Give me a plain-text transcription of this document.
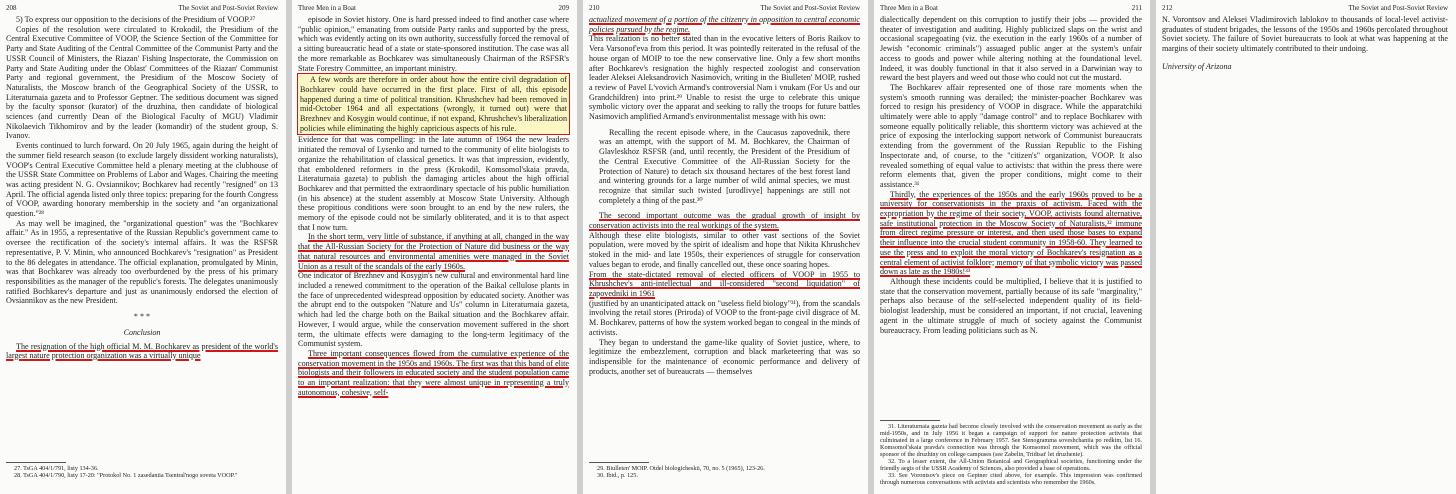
208	The Soviet and Post-Soviet Review

5) To express our opposition to the decisions of the Presidium of VOOP.²⁷

Copies of the resolution were circulated to Krokodil, the Presidium of the Central Executive Committee of VOOP, the Science Section of the Committee for Party and State Auditing of the Central Committee of the Communist Party and the USSR Council of Ministers, the Riazan' Fishing Inspectorate, the Commission on Party and State Auditing under the Oblast' Committees of the Riazan' Communist Party and regional government, the Presidium of the Moscow Society of Naturalists, the Moscow branch of the Geographical Society of the USSR, to Literaturnaia gazeta and to Professor Geptner. The seditious document was signed by the faculty sponsor (kurator) of the druzhina, then candidate of biological sciences (and currently Dean of the Biological Faculty of MGU) Vladimir Nikolaevich Tikhomirov and by the leader (komandir) of the student group, S. Ivanov.

Events continued to lurch forward. On 20 July 1965, again during the height of the summer field research season (to exclude largely dissident working naturalists), VOOP's Central Executive Committee held a plenary meeting at the clubhouse of the USSR State Committee on Problems of Labor and Wages. Chairing the meeting was acting president N. G. Ovsiannikov; Bochkarev had recently "resigned" on 13 April. The official agenda listed only three topics: preparing for the fourth Congress of VOOP, awarding honorary membership in the society and "an organizational question."²⁸

As may well be imagined, the "organizational question" was the "Bochkarev affair." As in 1955, a representative of the Russian Republic's government came to oversee the rectification of the society's internal affairs. It was the RSFSR representative, P. V. Minin, who announced Bochkarev's "resignation" as President to the 86 delegates in attendance. The official explanation, promulgated by Minin, was that Bochkarev was already too overburdened by the press of his primary responsibilities as the manager of the republic's forests. The delegates unanimously ratified Bochkarev's departure and just as unanimously endorsed the election of Ovsiannikov as the new President.

* * *

Conclusion

The resignation of the high official M. M. Bochkarev as president of the world's largest nature protection organization was a virtually unique

27. TsGA 404/1/791, listy 134-36.

28. TsGA 404/1/790, listy 17-20: "Protokol No. 1 zasedaniia Tsentral'nogo soveta VOOP."

Three Men in a Boat	209

episode in Soviet history. One is hard pressed indeed to find another case where "public opinion," emanating from outside Party ranks and supported by the press, which was evidently acting on its own authority, successfully forced the removal of a sitting bureaucratic head of a state or state-sponsored institution. The case was all the more remarkable as Bochkarev was simultaneously Chairman of the RSFSR's State Forestry Committee, an important ministry.

A few words are therefore in order about how the entire civil degradation of Bochkarev could have occurred in the first place. First of all, this episode happened during a time of political transition. Khrushchev had been removed in mid-October 1964 and all expectations (wrongly, it turned out) were that Brezhnev and Kosygin would continue, if not expand, Khrushchev's liberalization policies while eliminating the highly capricious aspects of his rule.

Evidence for that was compelling: in the late autumn of 1964 the new leaders initiated the removal of Lysenko and turned to the community of elite biologists to organize the rehabilitation of classical genetics. It was that impression, evidently, that emboldened reformers in the press (Krokodil, Komsomol'skaia pravda, Literaturnaia gazeta) to publish the damaging articles about the high official Bochkarev and that permitted the extraordinary spectacle of his public humiliation (in his absence) at the student assembly at Moscow State University. Although these propitious conditions were soon brought to an end by the new rulers, the memory of the episode could not be similarly obliterated, and it is to that aspect that I now turn.

In the short term, very little of substance, if anything at all, changed in the way that the All-Russian Society for the Protection of Nature did business or the way that natural resources and environmental amenities were managed in the Soviet Union as a result of the scandals of the early 1960s.

One indicator of Brezhnev and Kosygin's new cultural and environmental hard line included a renewed commitment to the operation of the Baikal cellulose plants in the face of unprecedented widespread opposition by educated society. Another was the abrupt end to the outspoken "Nature and Us" column in Literaturnaia gazeta, which had led the charge both on the Baikal situation and the Bochkarev affair. However, I would argue, while the conservation movement suffered in the short term, the ultimate effects were damaging to the long-term legitimacy of the Communist system.

Three important consequences flowed from the cumulative experience of the conservation movement in the 1950s and 1960s. The first was that this band of elite biologists and their followers in educated society and the student population came to an important realization: that they were almost unique in representing a truly autonomous, cohesive, self-

210	The Soviet and Post-Soviet Review

actualized movement of a portion of the citizenry in opposition to central economic policies pursued by the regime.

This realization is no better stated than in the evocative letters of Boris Raikov to Vera Varsonof'eva from this period. It was pointedly reiterated in the refusal of the house organ of MOIP to toe the new conservative line. Only a few short months after Bochkarev's resignation the highly respected zoologist and conservation leader Aleksei Aleksandrovich Nasimovich, writing in the Biulleten' MOIP, rushed a review of Pavel L'vovich Armand's controversial Nam i vnukam (For Us and our Grandchildren) into print.²⁹ Unable to resist the urge to celebrate this unique symbolic victory over the apparat and seeking to rally the troops for future battles Nasimovich amplified Armand's environmentalist message with his own:

Recalling the recent episode where, in the Caucasus zapovednik, there was an attempt, with the support of M. M. Bochkarev, the Chairman of Glavleskhoz RSFSR (and, until recently, the President of the Presidium of the Central Executive Committee of the All-Russian Society for the Protection of Nature) to detach six thousand hectares of the best forest land and wintering grounds for a large number of wild animal species, we must recognize that similar such twisted [urodlivye] happenings are still not completely a thing of the past.³⁰

The second important outcome was the gradual growth of insight by conservation activists into the real workings of the system.

Although these elite biologists, similar to other vast sections of the Soviet population, were moved by the spirit of idealism and hope that Nikita Khrushchev stoked in the mid- and late 1950s, their experiences of struggle for conservation values began to erode, and finally cancelled out, these once soaring hopes.

From the state-dictated removal of elected officers of VOOP in 1955 to Khrushchev's anti-intellectual and ill-considered "second liquidation" of zapovedniki in 1961

(justified by an unanticipated attack on "useless field biology"³¹), from the scandals involving the retail stores (Priroda) of VOOP to the front-page civil disgrace of M. M. Bochkarev, patterns of how the system worked began to congeal in the minds of activists.

They began to understand the game-like quality of Soviet justice, where, to legitimize the embezzlement, corruption and black marketeering that was so indispensible for the maintenance of economic performance and delivery of products, another set of bureaucrats — themselves

29. Biulleten' MOIP. Otdel biologicheskii, 70, no. 5 (1965), 123-26.

30. Ibid., p. 125.

Three Men in a Boat	211

dialectically dependent on this corruption to justify their jobs — provided the theater of investigation and auditing. Highly publicized slaps on the wrist and occasional scapegoating (viz. the execution in the early 1960s of a number of Jewish "economic criminals") assuaged public anger at the system's unfair access to goods and power while altering nothing at the foundational level. Indeed, it was doubly functional in that it also served in a Darwinian way to reward the best players and weed out those who could not cut the mustard.

The Bochkarev affair represented one of those rare moments when the system's smooth running was derailed; the minister-poacher Bochkarev was forced to resign his presidency of VOOP in disgrace. While the apparatchiki ultimately were able to apply "damage control" and to replace Bochkarev with someone equally politically reliable, this shortterm victory was achieved at the price of exposing the interlocking support network of Communist bureaucrats extending from the government of the Russian Republic to the Fishing Inspectorate and, of course, to the "citizen's" organization, VOOP. It also revealed something of equal value to activists: that within the press there were reform elements that, given the proper conditions, might come to their assistance.³¹

Thirdly, the experiences of the 1950s and the early 1960s proved to be a university for conservationists in the praxis of activism. Faced with the expropriation by the regime of their society, VOOP, activists found alternative, safe institutional protection in the Moscow Society of Naturalists,³² immune from direct regime pressure or interest, and then used those bases to expand their influence into the crucial student community in 1958-60. They learned to use the press and to exploit the moral victory of Bochkarev's resignation as a central element of activist folklore; memory of that symbolic victory was passed down as late as the 1980s!³³

Although these incidents could be multiplied, I believe that it is justified to state that the conservation movement, partially because of its safe "marginality," perhaps also because of the self-selected independent quality of its field-biologist leadership, must be considered an important, if not crucial, leavening agent in the ultimate struggle of much of society against the Communist bureaucracy. From leading politicians such as N.

31. Literaturnaia gazeta had become closely involved with the conservation movement as early as the mid-1950s, and in July 1956 it began a campaign of support for nature protection activists that culminated in a large conference in February 1957. See Stenogramma soveshchaniia po redkim, list 16. Komsomol'skaia pravda's connection was through the Komsomol movement, which was the official sponsor of the druzhiny on college campuses (see Zabelin, Tridtsat' let druzhenie).

32. To a lesser extent, the All-Union Botanical and Geographical societies, functioning under the friendly aegis of the USSR Academy of Sciences, also provided a base of operations.

33. See Vorontsov's piece on Geptner cited above, for example. This impression was confirmed through numerous conversations with activists and scientists who remember the 1960s.

212	The Soviet and Post-Soviet Review

N. Vorontsov and Aleksei Vladimirovich Iablokov to thousands of local-level activist-graduates of student brigades, the lessons of the 1950s and 1960s percolated throughout Soviet society. The failure of Soviet bureaucrats to look at what was happening at the margins of their society ultimately contributed to their undoing.

University of Arizona
